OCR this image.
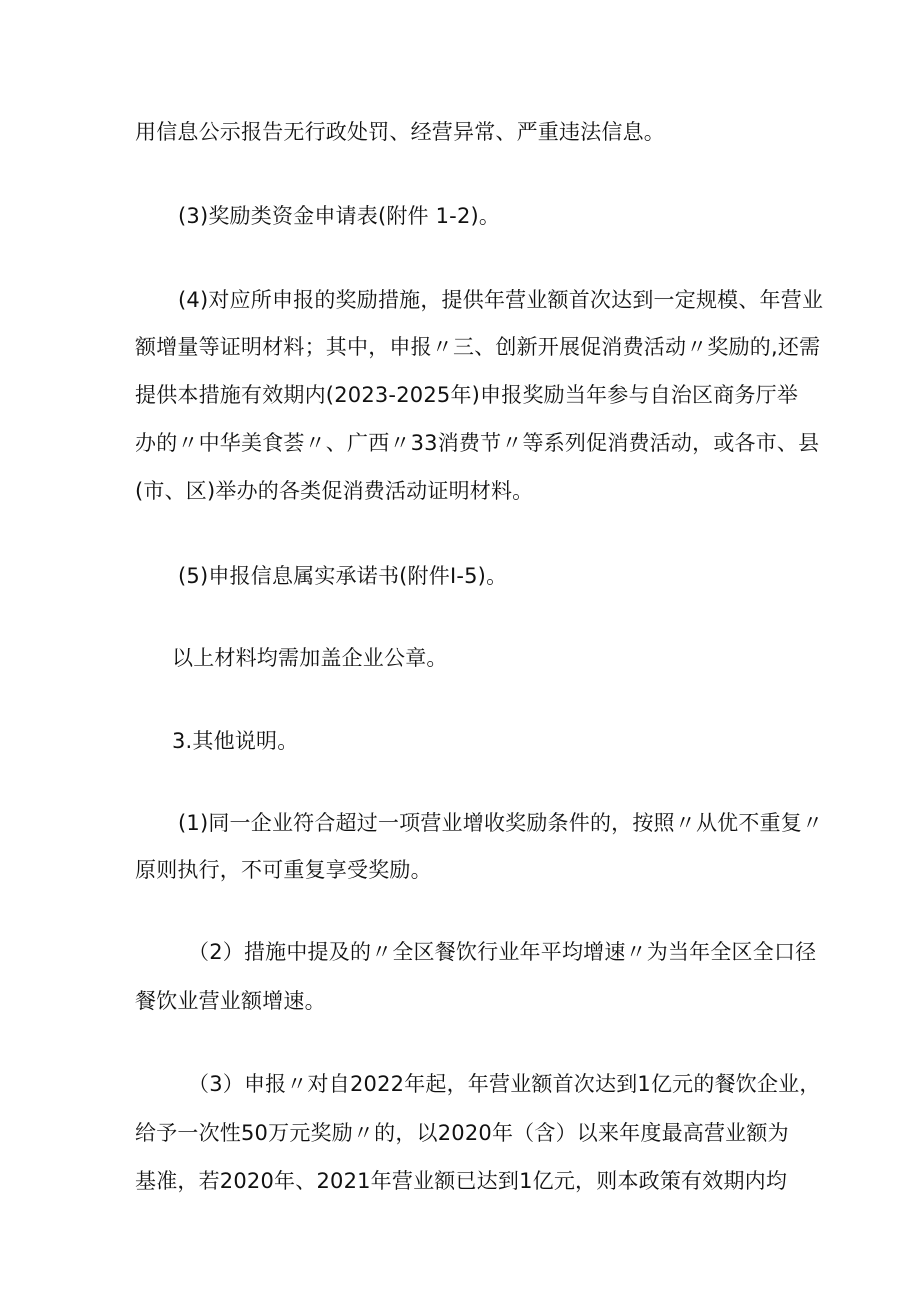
用信息公示报告无行政处罚、经营异常、严重违法信息。
(3)奖励类资金申请表(附件 1-2)。
(4)对应所申报的奖励措施，提供年营业额首次达到一定规模、年营业
额增量等证明材料；其中，申报〃三、创新开展促消费活动〃奖励的,还需
提供本措施有效期内(2023-2025年)申报奖励当年参与自治区商务厅举
办的〃中华美食荟〃、广西〃33消费节〃等系列促消费活动，或各市、县
(市、区)举办的各类促消费活动证明材料。
(5)申报信息属实承诺书(附件I-5)。
以上材料均需加盖企业公章。
3.其他说明。
(1)同一企业符合超过一项营业增收奖励条件的，按照〃从优不重复〃
原则执行，不可重复享受奖励。
（2）措施中提及的〃全区餐饮行业年平均增速〃为当年全区全口径
餐饮业营业额增速。
（3）申报〃对自2022年起，年营业额首次达到1亿元的餐饮企业，
给予一次性50万元奖励〃的，以2020年（含）以来年度最高营业额为
基准，若2020年、2021年营业额已达到1亿元，则本政策有效期内均
